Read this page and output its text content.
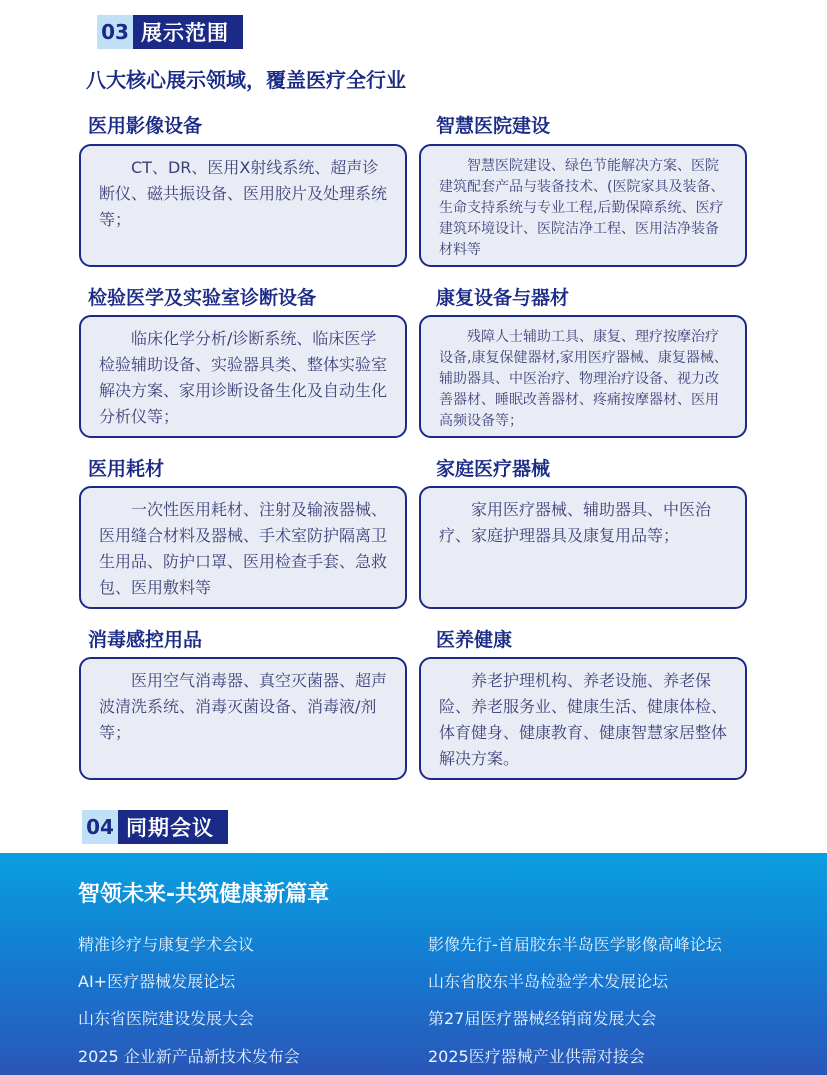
03 展示范围
八大核心展示领域，覆盖医疗全行业
医用影像设备
CT、DR、医用X射线系统、超声诊断仪、磁共振设备、医用胶片及处理系统等；
智慧医院建设
智慧医院建设、绿色节能解决方案、医院建筑配套产品与装备技术、(医院家具及装备、生命支持系统与专业工程,后勤保障系统、医疗建筑环境设计、医院洁净工程、医用洁净装备材料等
检验医学及实验室诊断设备
临床化学分析/诊断系统、临床医学检验辅助设备、实验器具类、整体实验室解决方案、家用诊断设备生化及自动生化分析仪等；
康复设备与器材
残障人士辅助工具、康复、理疗按摩治疗设备,康复保健器材,家用医疗器械、康复器械、辅助器具、中医治疗、物理治疗设备、视力改善器材、睡眠改善器材、疼痛按摩器材、医用高频设备等；
医用耗材
一次性医用耗材、注射及输液器械、医用缝合材料及器械、手术室防护隔离卫生用品、防护口罩、医用检查手套、急救包、医用敷料等
家庭医疗器械
家用医疗器械、辅助器具、中医治疗、家庭护理器具及康复用品等；
消毒感控用品
医用空气消毒器、真空灭菌器、超声波清洗系统、消毒灭菌设备、消毒液/剂等；
医养健康
养老护理机构、养老设施、养老保险、养老服务业、健康生活、健康体检、体育健身、健康教育、健康智慧家居整体解决方案。
04 同期会议
智领未来-共筑健康新篇章
精准诊疗与康复学术会议	影像先行-首届胶东半岛医学影像高峰论坛
AI+医疗器械发展论坛	山东省胶东半岛检验学术发展论坛
山东省医院建设发展大会	第27届医疗器械经销商发展大会
2025 企业新产品新技术发布会	2025医疗器械产业供需对接会
